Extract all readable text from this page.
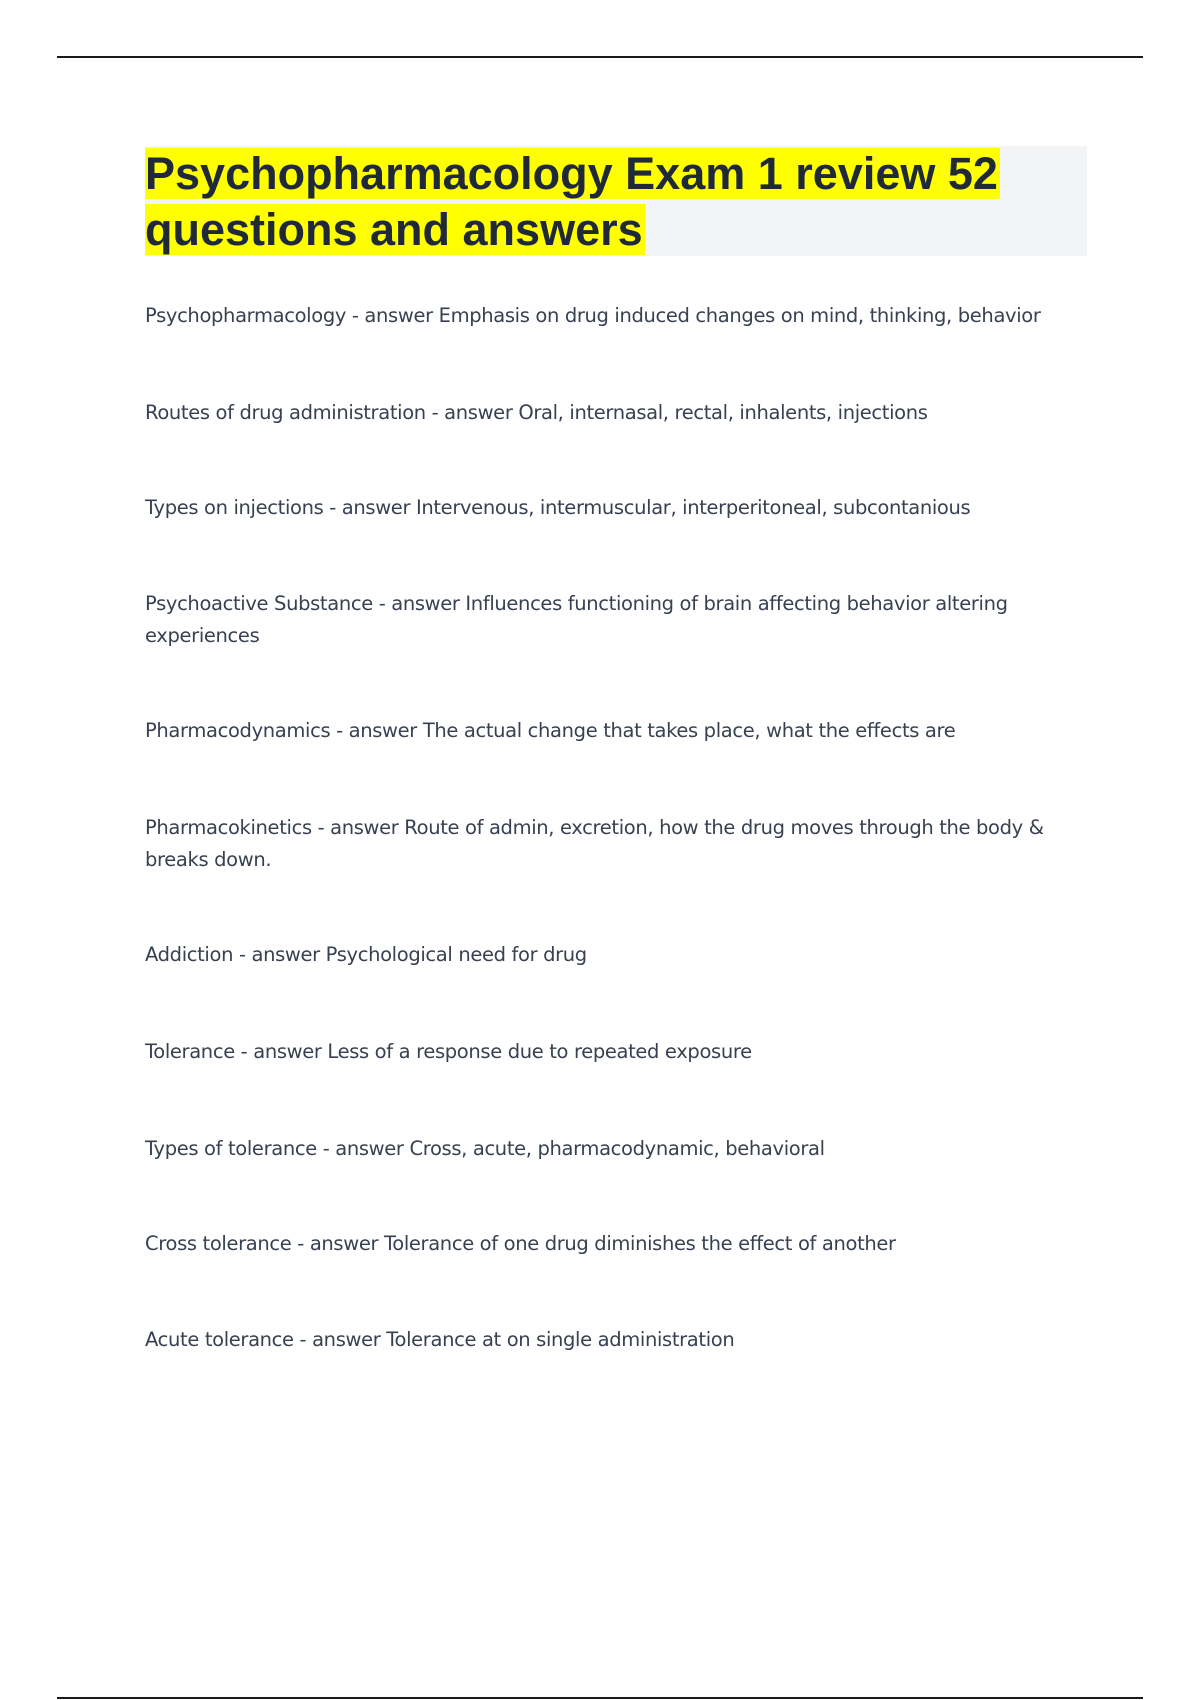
Psychopharmacology Exam 1 review 52 questions and answers
Psychopharmacology - answer Emphasis on drug induced changes on mind, thinking, behavior
Routes of drug administration - answer Oral, internasal, rectal, inhalents, injections
Types on injections - answer Intervenous, intermuscular, interperitoneal, subcontanious
Psychoactive Substance - answer Influences functioning of brain affecting behavior altering experiences
Pharmacodynamics - answer The actual change that takes place, what the effects are
Pharmacokinetics - answer Route of admin, excretion, how the drug moves through the body & breaks down.
Addiction - answer Psychological need for drug
Tolerance - answer Less of a response due to repeated exposure
Types of tolerance - answer Cross, acute, pharmacodynamic, behavioral
Cross tolerance - answer Tolerance of one drug diminishes the effect of another
Acute tolerance - answer Tolerance at on single administration
